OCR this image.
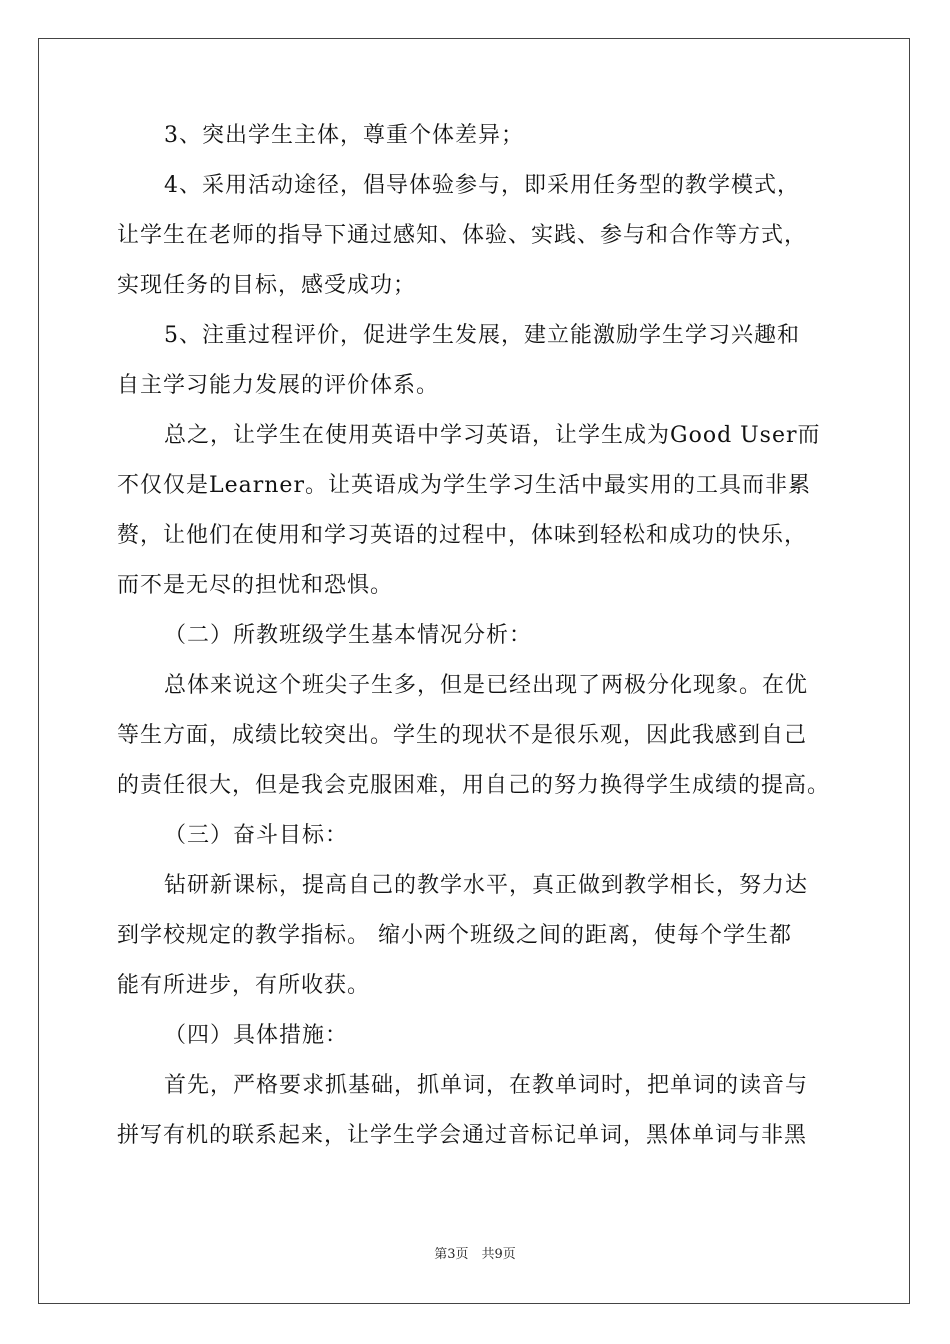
3、突出学生主体，尊重个体差异；
4、采用活动途径，倡导体验参与，即采用任务型的教学模式，
让学生在老师的指导下通过感知、体验、实践、参与和合作等方式，
实现任务的目标，感受成功；
5、注重过程评价，促进学生发展，建立能激励学生学习兴趣和
自主学习能力发展的评价体系。
总之，让学生在使用英语中学习英语，让学生成为Good User而
不仅仅是Learner。让英语成为学生学习生活中最实用的工具而非累
赘，让他们在使用和学习英语的过程中，体味到轻松和成功的快乐，
而不是无尽的担忧和恐惧。
（二）所教班级学生基本情况分析：
总体来说这个班尖子生多，但是已经出现了两极分化现象。在优
等生方面，成绩比较突出。学生的现状不是很乐观，因此我感到自己
的责任很大，但是我会克服困难，用自己的努力换得学生成绩的提高。
（三）奋斗目标：
钻研新课标，提高自己的教学水平，真正做到教学相长，努力达
到学校规定的教学指标。 缩小两个班级之间的距离，使每个学生都
能有所进步，有所收获。
（四）具体措施：
首先，严格要求抓基础，抓单词，在教单词时，把单词的读音与
拼写有机的联系起来，让学生学会通过音标记单词，黑体单词与非黑
第3页　共9页
